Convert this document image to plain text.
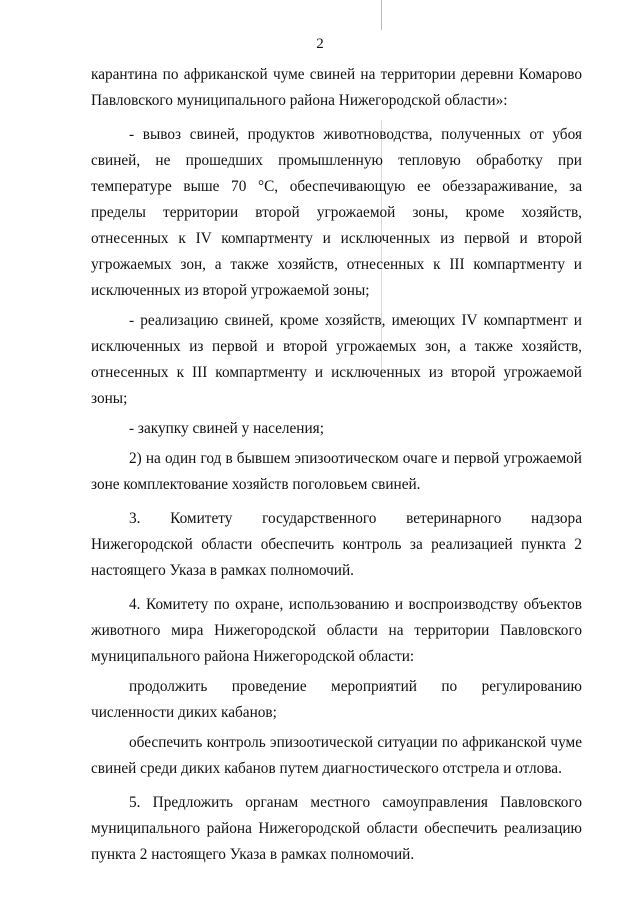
2

карантина по африканской чуме свиней на территории деревни Комарово Павловского муниципального района Нижегородской области»:

- вывоз свиней, продуктов животноводства, полученных от убоя свиней, не прошедших промышленную тепловую обработку при температуре выше 70 °С, обеспечивающую ее обеззараживание, за пределы территории второй угрожаемой зоны, кроме хозяйств, отнесенных к IV компартменту и исключенных из первой и второй угрожаемых зон, а также хозяйств, отнесенных к III компартменту и исключенных из второй угрожаемой зоны;

- реализацию свиней, кроме хозяйств, имеющих IV компартмент и исключенных из первой и второй угрожаемых зон, а также хозяйств, отнесенных к III компартменту и исключенных из второй угрожаемой зоны;

- закупку свиней у населения;

2) на один год в бывшем эпизоотическом очаге и первой угрожаемой зоне комплектование хозяйств поголовьем свиней.

3. Комитету государственного ветеринарного надзора Нижегородской области обеспечить контроль за реализацией пункта 2 настоящего Указа в рамках полномочий.

4. Комитету по охране, использованию и воспроизводству объектов животного мира Нижегородской области на территории Павловского муниципального района Нижегородской области:

продолжить проведение мероприятий по регулированию численности диких кабанов;

обеспечить контроль эпизоотической ситуации по африканской чуме свиней среди диких кабанов путем диагностического отстрела и отлова.

5. Предложить органам местного самоуправления Павловского муниципального района Нижегородской области обеспечить реализацию пункта 2 настоящего Указа в рамках полномочий.
